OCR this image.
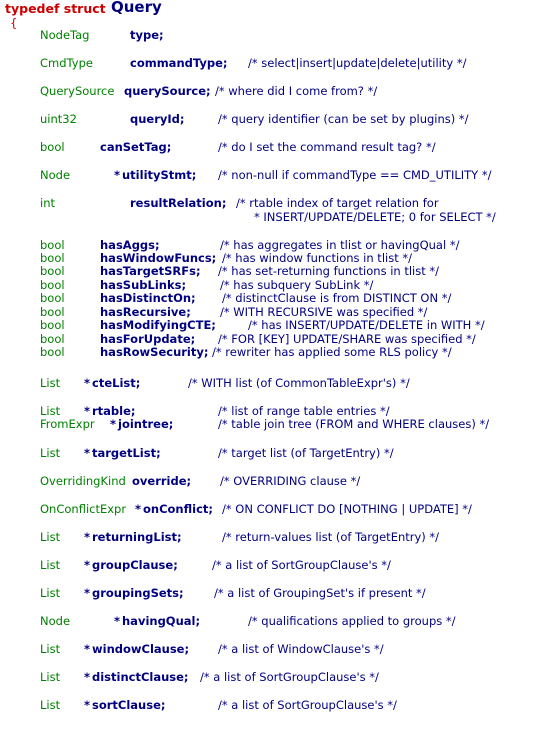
typedef struct

Query

{

NodeTag	type;
CmdType	commandType; /* select|insert|update|delete|utility */
QuerySource querySource; /* where did I come from? */
uint32	queryId;	/* query identifier (can be set by plugins) */
bool	canSetTag;	/* do I set the command result tag? */
Node	* utilityStmt; /* non-null if commandType == CMD_UTILITY */
int	resultRelation; /* rtable index of target relation for
* INSERT/UPDATE/DELETE; 0 for SELECT */
bool	hasAggs;	/* has aggregates in tlist or havingQual */
bool	hasWindowFuncs; /* has window functions in tlist */
bool	hasTargetSRFs; /* has set-returning functions in tlist */
bool	hasSubLinks;	/* has subquery SubLink */
bool	hasDistinctOn; /* distinctClause is from DISTINCT ON */
bool	hasRecursive;	/* WITH RECURSIVE was specified */
bool	hasModifyingCTE;	/* has INSERT/UPDATE/DELETE in WITH */
bool	hasForUpdate; /* FOR [KEY] UPDATE/SHARE was specified */
bool	hasRowSecurity; /* rewriter has applied some RLS policy */
List * cteList;	/* WITH list (of CommonTableExpr's) */
List * rtable;	/* list of range table entries */
FromExpr * jointree;	/* table join tree (FROM and WHERE clauses) */
List * targetList;	/* target list (of TargetEntry) */
OverridingKind override;	/* OVERRIDING clause */
OnConflictExpr * onConflict; /* ON CONFLICT DO [NOTHING | UPDATE] */
List * returningList;	/* return-values list (of TargetEntry) */
List * groupClause;	/* a list of SortGroupClause's */
List * groupingSets;	/* a list of GroupingSet's if present */
Node	* havingQual;	/* qualifications applied to groups */
List * windowClause;	/* a list of WindowClause's */
List * distinctClause; /* a list of SortGroupClause's */
List * sortClause;	/* a list of SortGroupClause's */
